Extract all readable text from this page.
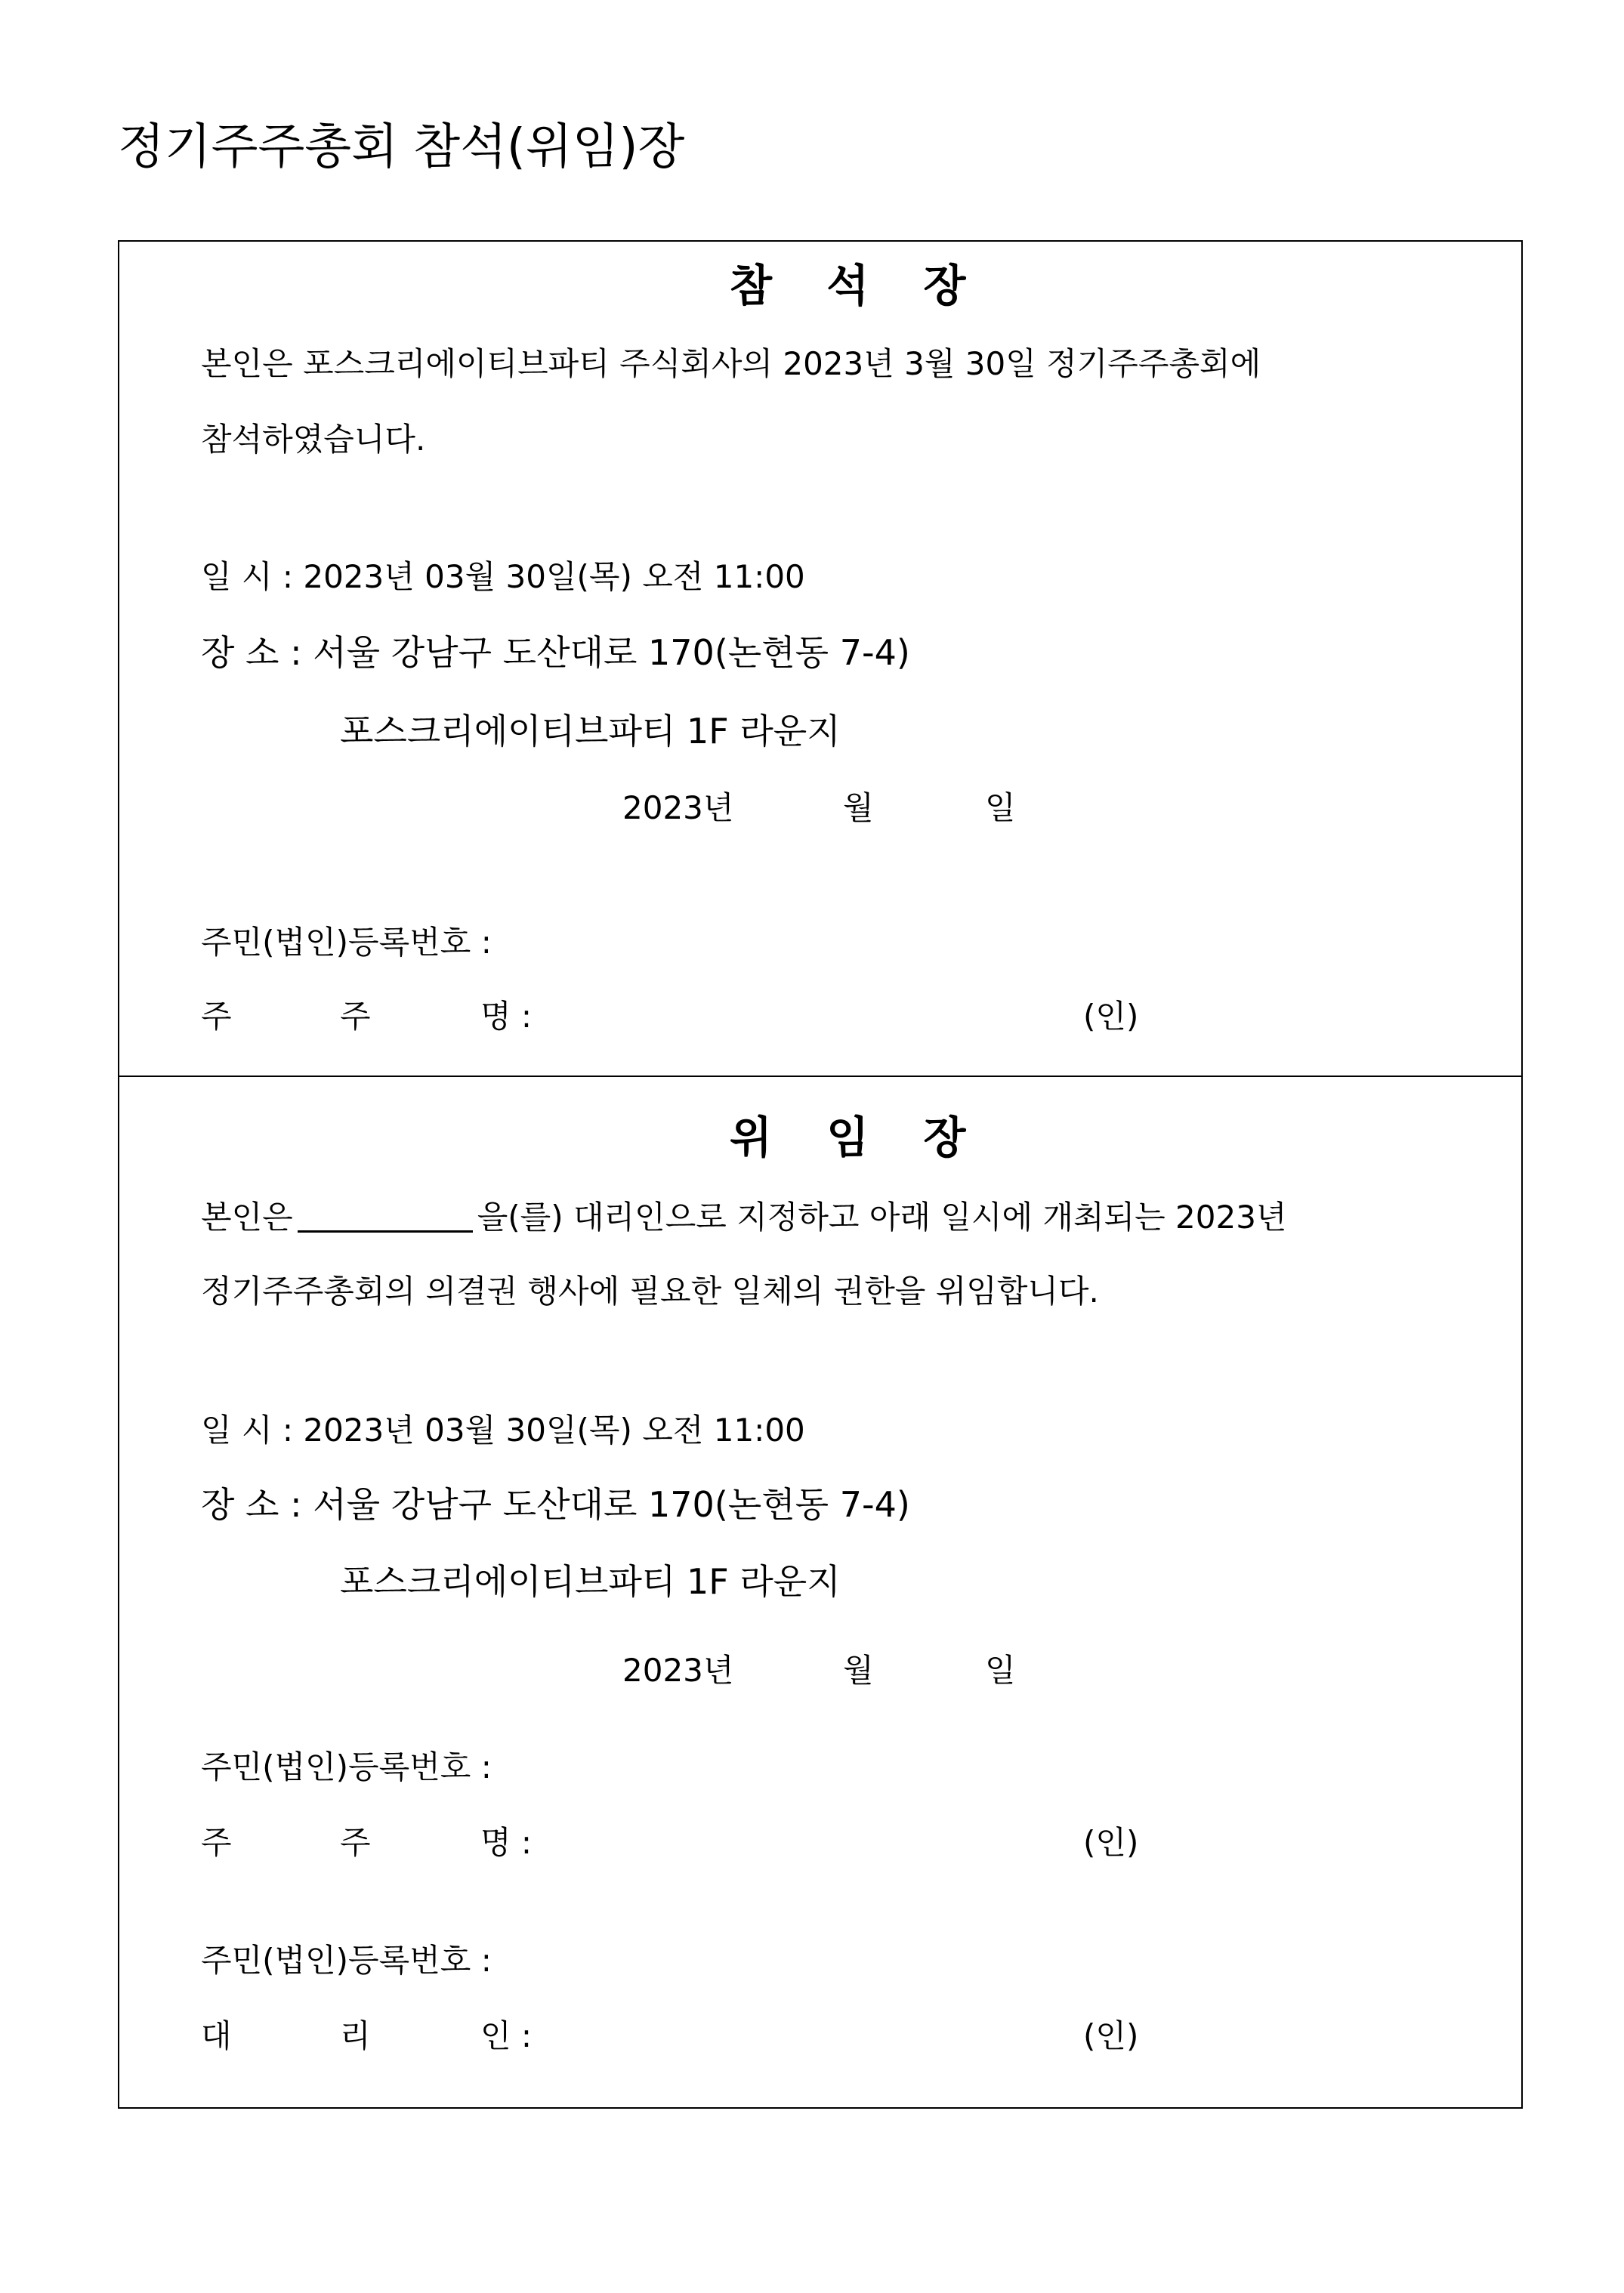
정기주주총회 참석(위임)장
참 석 장
본인은 포스크리에이티브파티 주식회사의 2023년 3월 30일 정기주주총회에
참석하였습니다.
일 시 : 2023년 03월 30일(목) 오전 11:00
장 소 : 서울 강남구 도산대로 170(논현동 7-4)
포스크리에이티브파티 1F 라운지
2023년	월	일
주민(법인)등록번호 :
주	주	명 :	(인)
위 임 장
본인은	을(를) 대리인으로 지정하고 아래 일시에 개최되는 2023년
정기주주총회의 의결권 행사에 필요한 일체의 권한을 위임합니다.
일 시 : 2023년 03월 30일(목) 오전 11:00
장 소 : 서울 강남구 도산대로 170(논현동 7-4)
포스크리에이티브파티 1F 라운지
2023년	월	일
주민(법인)등록번호 :
주	주	명 :	(인)
주민(법인)등록번호 :
대	리	인 :	(인)
